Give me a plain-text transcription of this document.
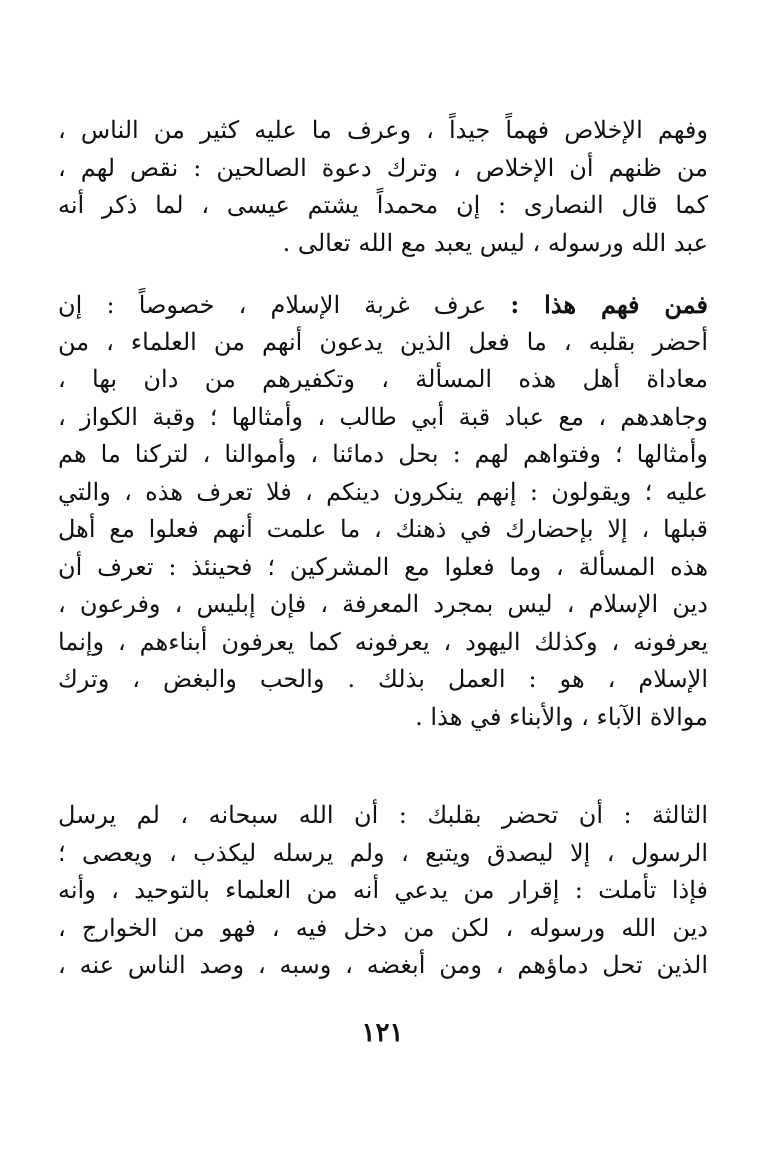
وفهم الإخلاص فهماً جيداً ، وعرف ما عليه كثير من الناس ،
من ظنهم أن الإخلاص ، وترك دعوة الصالحين : نقص لهم ،
كما قال النصارى : إن محمداً يشتم عيسى ، لما ذكر أنه
عبد الله ورسوله ، ليس يعبد مع الله تعالى .
فمن فهم هذا : عرف غربة الإسلام ، خصوصاً : إن
أحضر بقلبه ، ما فعل الذين يدعون أنهم من العلماء ، من
معاداة أهل هذه المسألة ، وتكفيرهم من دان بها ،
وجاهدهم ، مع عباد قبة أبي طالب ، وأمثالها ؛ وقبة الكواز ،
وأمثالها ؛ وفتواهم لهم : بحل دمائنا ، وأموالنا ، لتركنا ما هم
عليه ؛ ويقولون : إنهم ينكرون دينكم ، فلا تعرف هذه ، والتي
قبلها ، إلا بإحضارك في ذهنك ، ما علمت أنهم فعلوا مع أهل
هذه المسألة ، وما فعلوا مع المشركين ؛ فحينئذ : تعرف أن
دين الإسلام ، ليس بمجرد المعرفة ، فإن إبليس ، وفرعون ،
يعرفونه ، وكذلك اليهود ، يعرفونه كما يعرفون أبناءهم ، وإنما
الإسلام ، هو : العمل بذلك . والحب والبغض ، وترك
موالاة الآباء ، والأبناء في هذا .
الثالثة : أن تحضر بقلبك : أن الله سبحانه ، لم يرسل
الرسول ، إلا ليصدق ويتبع ، ولم يرسله ليكذب ، ويعصى ؛
فإذا تأملت : إقرار من يدعي أنه من العلماء بالتوحيد ، وأنه
دين الله ورسوله ، لكن من دخل فيه ، فهو من الخوارج ،
الذين تحل دماؤهم ، ومن أبغضه ، وسبه ، وصد الناس عنه ،
١٢١
